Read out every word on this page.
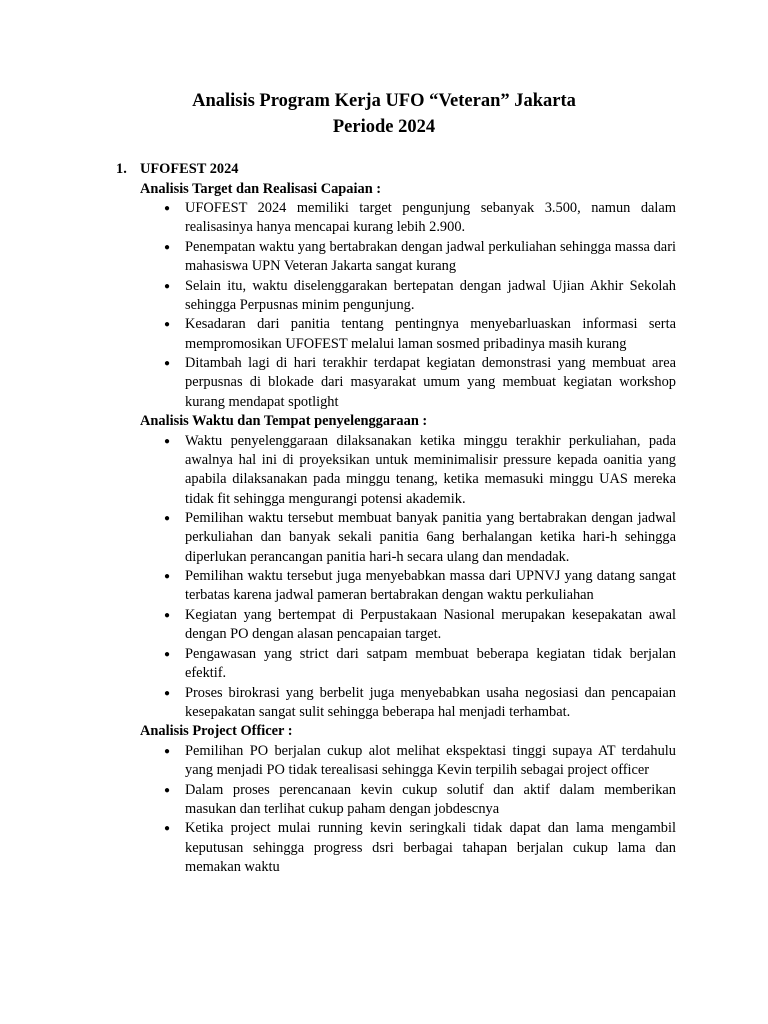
Analisis Program Kerja UFO “Veteran” Jakarta
Periode 2024
1. UFOFEST 2024
Analisis Target dan Realisasi Capaian :
● UFOFEST 2024 memiliki target pengunjung sebanyak 3.500, namun dalam realisasinya hanya mencapai kurang lebih 2.900.
● Penempatan waktu yang bertabrakan dengan jadwal perkuliahan sehingga massa dari mahasiswa UPN Veteran Jakarta sangat kurang
● Selain itu, waktu diselenggarakan bertepatan dengan jadwal Ujian Akhir Sekolah sehingga Perpusnas minim pengunjung.
● Kesadaran dari panitia tentang pentingnya menyebarluaskan informasi serta mempromosikan UFOFEST melalui laman sosmed pribadinya masih kurang
● Ditambah lagi di hari terakhir terdapat kegiatan demonstrasi yang membuat area perpusnas di blokade dari masyarakat umum yang membuat kegiatan workshop kurang mendapat spotlight
Analisis Waktu dan Tempat penyelenggaraan :
● Waktu penyelenggaraan dilaksanakan ketika minggu terakhir perkuliahan, pada awalnya hal ini di proyeksikan untuk meminimalisir pressure kepada oanitia yang apabila dilaksanakan pada minggu tenang, ketika memasuki minggu UAS mereka tidak fit sehingga mengurangi potensi akademik.
● Pemilihan waktu tersebut membuat banyak panitia yang bertabrakan dengan jadwal perkuliahan dan banyak sekali panitia 6ang berhalangan ketika hari-h sehingga diperlukan perancangan panitia hari-h secara ulang dan mendadak.
● Pemilihan waktu tersebut juga menyebabkan massa dari UPNVJ yang datang sangat terbatas karena jadwal pameran bertabrakan dengan waktu perkuliahan
● Kegiatan yang bertempat di Perpustakaan Nasional merupakan kesepakatan awal dengan PO dengan alasan pencapaian target.
● Pengawasan yang strict dari satpam membuat beberapa kegiatan tidak berjalan efektif.
● Proses birokrasi yang berbelit juga menyebabkan usaha negosiasi dan pencapaian kesepakatan sangat sulit sehingga beberapa hal menjadi terhambat.
Analisis Project Officer :
● Pemilihan PO berjalan cukup alot melihat ekspektasi tinggi supaya AT terdahulu yang menjadi PO tidak terealisasi sehingga Kevin terpilih sebagai project officer
● Dalam proses perencanaan kevin cukup solutif dan aktif dalam memberikan masukan dan terlihat cukup paham dengan jobdescnya
● Ketika project mulai running kevin seringkali tidak dapat dan lama mengambil keputusan sehingga progress dsri berbagai tahapan berjalan cukup lama dan memakan waktu
